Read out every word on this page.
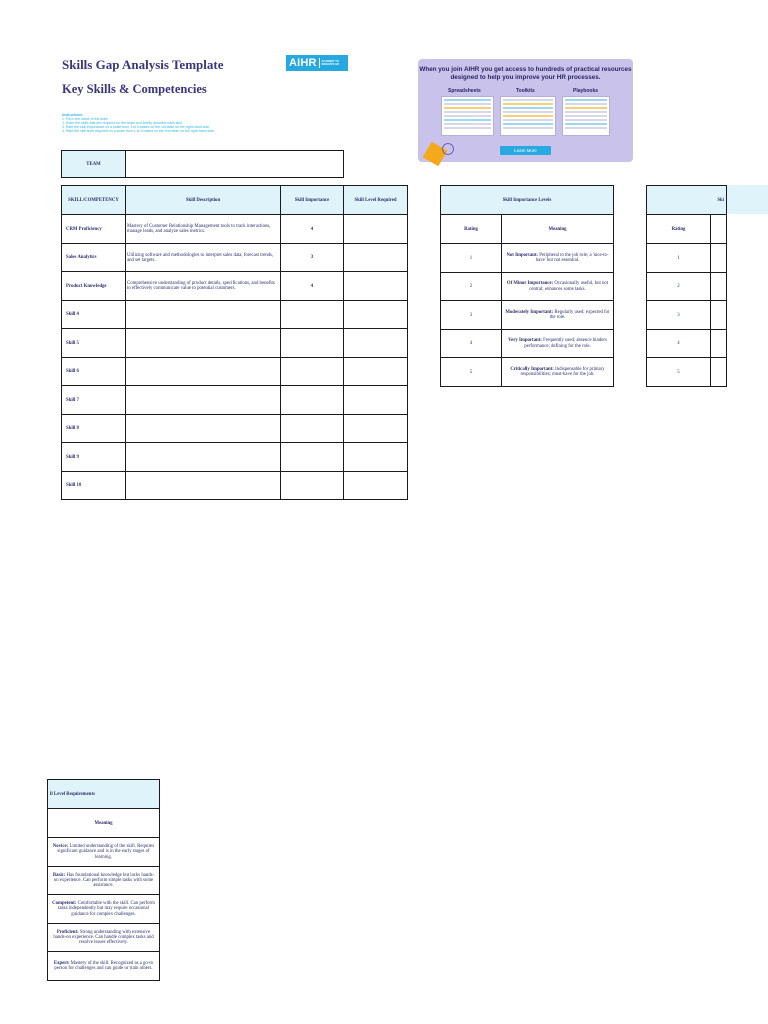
Skills Gap Analysis Template
Key Skills & Competencies
AIHR ACADEMY TO INNOVATE HR
Instructions:
1. Fill in the name of the team
2. Enter the skills that are required for the team and briefly describe each skill
3. Rate the skill importance on a scale from 1 to 5 based on the 1st table on the right-hand side.
4. Rate the skill level required on a scale from 1 to 5 based on the 2nd table on the right-hand side.
When you join AIHR you get access to hundreds of practical resources designed to help you improve your HR processes.
Spreadsheets	Toolkits	Playbooks
Learn More
TEAM	
SKILL/COMPETENCY	Skill Description	Skill Importance	Skill Level Required
CRM Proficiency	Mastery of Customer Relationship Management tools to track interactions, manage leads, and analyze sales metrics.	4	
Sales Analytics	Utilizing software and methodologies to interpret sales data, forecast trends, and set targets.	3	
Product Knowledge	Comprehensive understanding of product details, specifications, and benefits to effectively communicate value to potential customers.	4	
Skill 4			
Skill 5			
Skill 6			
Skill 7			
Skill 8			
Skill 9			
Skill 10			
Skill Importance Levels	
Rating	Meaning
1	Not Important: Peripheral to the job role; a 'nice-to-have' but not essential.
2	Of Minor Importance: Occasionally useful, but not central; enhances some tasks.
3	Moderately Important: Regularly used; expected for the role.
4	Very Important: Frequently used; absence hinders performance; defining for the role.
5	Critically Important: Indispensable for primary responsibilities; must-have for the job.
Ski	
Rating	
1	
2	
3	
4	
5	
ll Level Requirements
Meaning
Novice: Limited understanding of the skill. Requires significant guidance and is in the early stages of learning.
Basic: Has foundational knowledge but lacks hands-on experience. Can perform simple tasks with some assistance.
Competent: Comfortable with the skill. Can perform tasks independently but may require occasional guidance for complex challenges.
Proficient: Strong understanding with extensive hands-on experience. Can handle complex tasks and resolve issues effectively.
Expert: Mastery of the skill. Recognized as a go-to person for challenges and can guide or train others.
